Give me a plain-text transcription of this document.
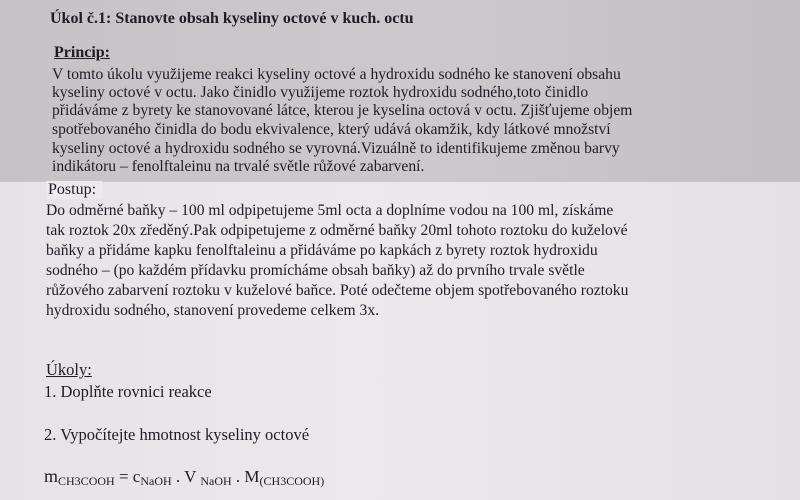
Úkol č.1: Stanovte obsah kyseliny octové v kuch. octu

Princip:

V tomto úkolu využijeme reakci kyseliny octové a hydroxidu sodného ke stanovení obsahu

kyseliny octové v octu. Jako činidlo využijeme roztok hydroxidu sodného,toto činidlo

přidáváme z byrety ke stanovované látce, kterou je kyselina octová v octu. Zjišťujeme objem

spotřebovaného činidla do bodu ekvivalence, který udává okamžik, kdy látkové množství

kyseliny octové a hydroxidu sodného se vyrovná.Vizuálně to identifikujeme změnou barvy

indikátoru – fenolftaleinu na trvalé světle růžové zabarvení.

Postup:

Do odměrné baňky – 100 ml odpipetujeme 5ml octa a doplníme vodou na 100 ml, získáme

tak roztok 20x zředěný.Pak odpipetujeme z odměrné baňky 20ml tohoto roztoku do kuželové

baňky a přidáme kapku fenolftaleinu a přidáváme po kapkách z byrety roztok hydroxidu

sodného – (po každém přídavku promícháme obsah baňky) až do prvního trvale světle

růžového zabarvení roztoku v kuželové baňce. Poté odečteme objem spotřebovaného roztoku

hydroxidu sodného, stanovení provedeme celkem 3x.

Úkoly:

1. Doplňte rovnici reakce

2. Vypočítejte hmotnost kyseliny octové

$m_{CH3COOH} = c_{NaOH}$ . V $_{NaOH}$ . $M_{(CH3COOH)}$
